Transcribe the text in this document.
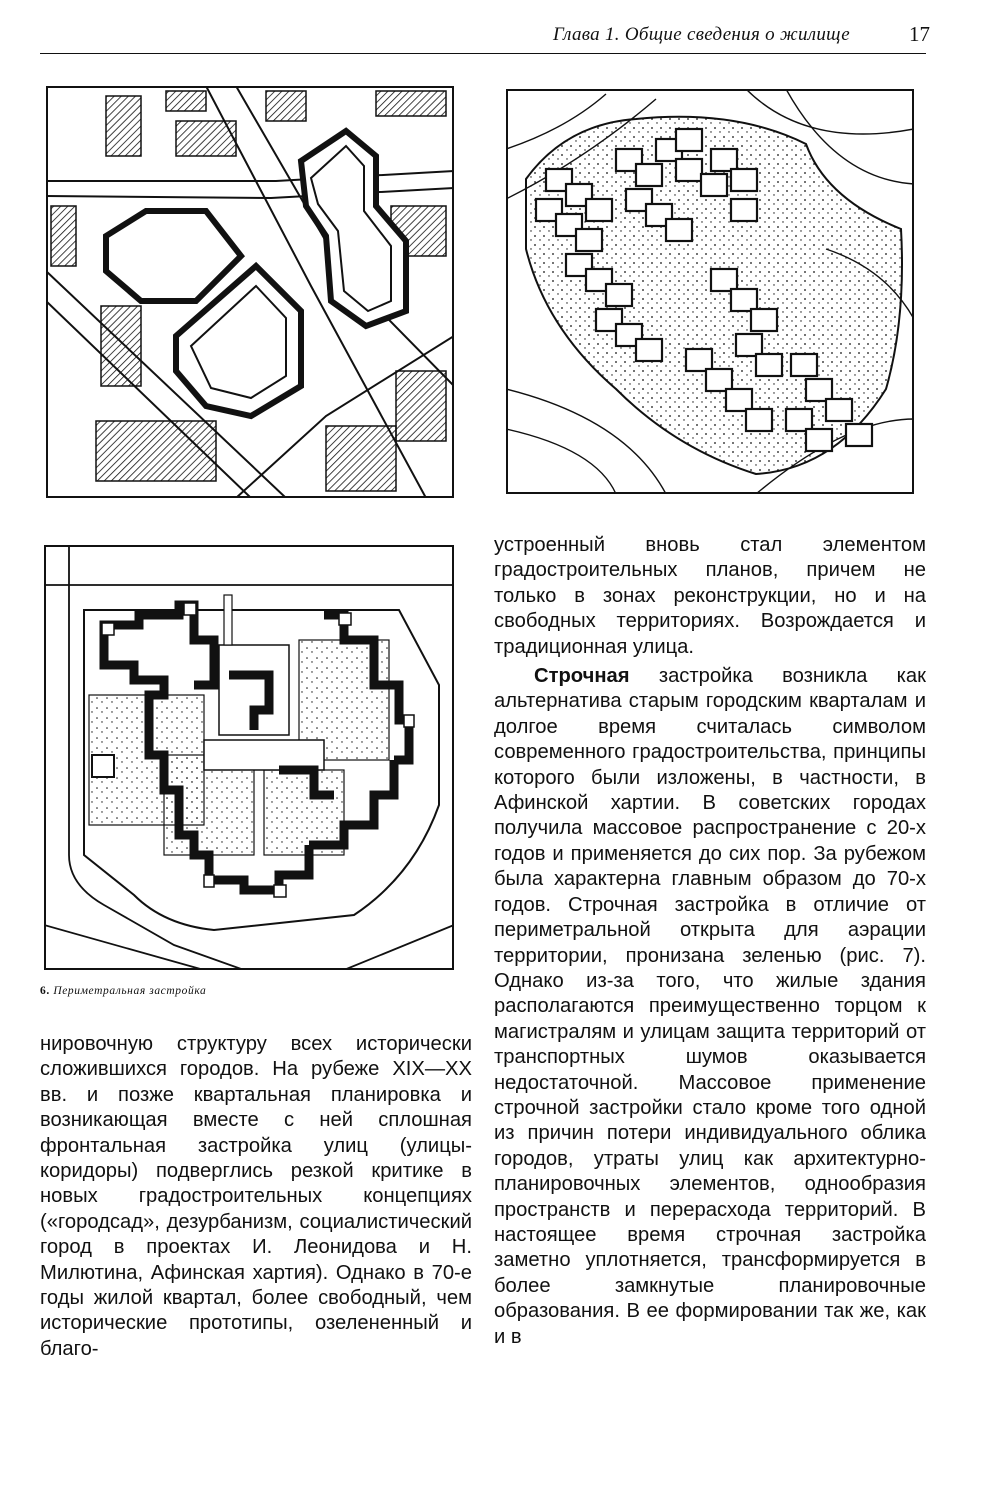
Глава 1. Общие сведения о жилище	17
6. Периметральная застройка

нировочную структуру всех исторически сложившихся городов. На рубеже XIX—XX вв. и позже квартальная планировка и возникающая вместе с ней сплошная фронтальная застройка улиц (улицы-коридоры) подверглись резкой критике в новых градостроительных концепциях («городсад», дезурбанизм, социалистический город в проектах И. Леонидова и Н. Милютина, Афинская хартия). Однако в 70-е годы жилой квартал, более свободный, чем исторические прототипы, озелененный и благо-

устроенный вновь стал элементом градостроительных планов, причем не только в зонах реконструкции, но и на свободных территориях. Возрождается и традиционная улица.

Строчная застройка возникла как альтернатива старым городским кварталам и долгое время считалась символом современного градостроительства, принципы которого были изложены, в частности, в Афинской хартии. В советских городах получила массовое распространение с 20-х годов и применяется до сих пор. За рубежом была характерна главным образом до 70-х годов. Строчная застройка в отличие от периметральной открыта для аэрации территории, пронизана зеленью (рис. 7). Однако из-за того, что жилые здания располагаются преимущественно торцом к магистралям и улицам защита территорий от транспортных шумов оказывается недостаточной. Массовое применение строчной застройки стало кроме того одной из причин потери индивидуального облика городов, утраты улиц как архитектурно-планировочных элементов, однообразия пространств и перерасхода территорий. В настоящее время строчная застройка заметно уплотняется, трансформируется в более замкнутые планировочные образования. В ее формировании так же, как и в
